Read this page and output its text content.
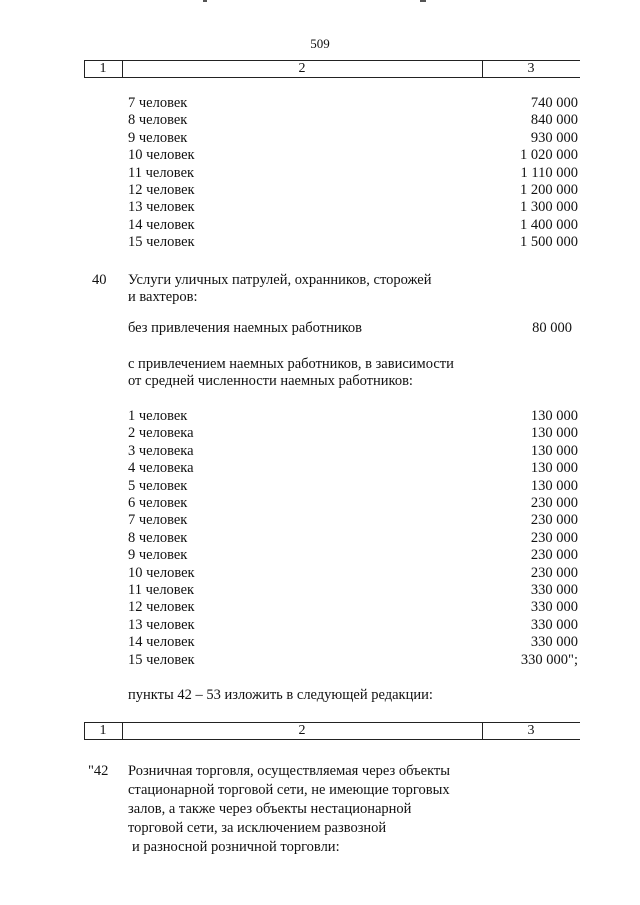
509
1	2	3
7 человек	740 000
8 человек	840 000
9 человек	930 000
10 человек	1 020 000
11 человек	1 110 000
12 человек	1 200 000
13 человек	1 300 000
14 человек	1 400 000
15 человек	1 500 000
40 Услуги уличных патрулей, охранников, сторожей
и вахтеров:
без привлечения наемных работников	80 000
с привлечением наемных работников, в зависимости
от средней численности наемных работников:
1 человек	130 000
2 человека	130 000
3 человека	130 000
4 человека	130 000
5 человек	130 000
6 человек	230 000
7 человек	230 000
8 человек	230 000
9 человек	230 000
10 человек	230 000
11 человек	330 000
12 человек	330 000
13 человек	330 000
14 человек	330 000
15 человек	330 000";
пункты 42 – 53 изложить в следующей редакции:
1	2	3
"42 Розничная торговля, осуществляемая через объекты
стационарной торговой сети, не имеющие торговых
залов, а также через объекты нестационарной
торговой сети, за исключением развозной
и разносной розничной торговли:
